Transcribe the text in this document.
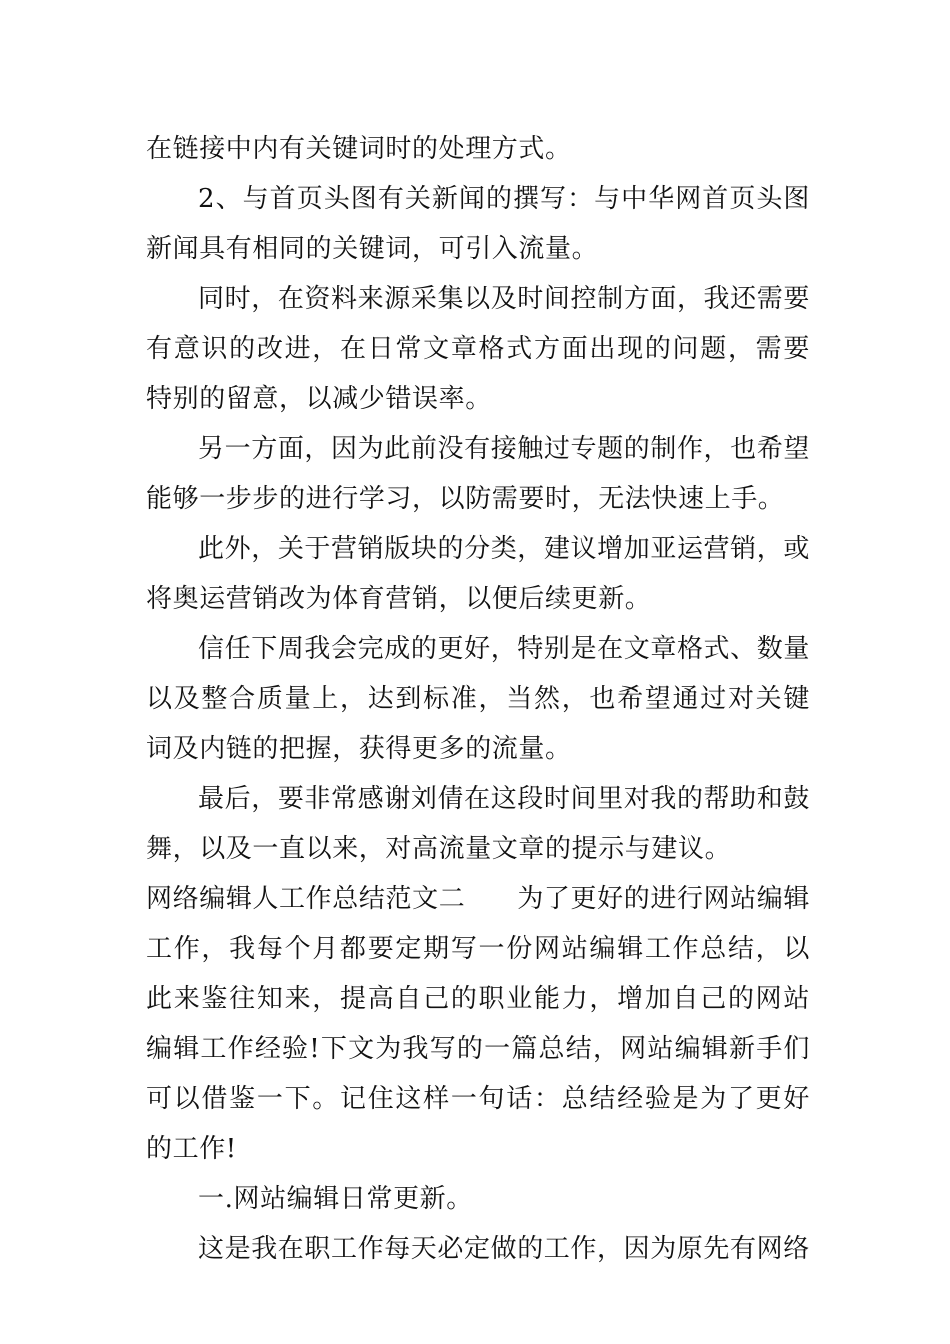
在链接中内有关键词时的处理方式。

2、与首页头图有关新闻的撰写：与中华网首页头图新闻具有相同的关键词，可引入流量。

同时，在资料来源采集以及时间控制方面，我还需要有意识的改进，在日常文章格式方面出现的问题，需要特别的留意，以减少错误率。

另一方面，因为此前没有接触过专题的制作，也希望能够一步步的进行学习，以防需要时，无法快速上手。

此外，关于营销版块的分类，建议增加亚运营销，或将奥运营销改为体育营销，以便后续更新。

信任下周我会完成的更好，特别是在文章格式、数量以及整合质量上，达到标准，当然，也希望通过对关键词及内链的把握，获得更多的流量。

最后，要非常感谢刘倩在这段时间里对我的帮助和鼓舞，以及一直以来，对高流量文章的提示与建议。

网络编辑人工作总结范文二 为了更好的进行网站编辑工作，我每个月都要定期写一份网站编辑工作总结，以此来鉴往知来，提高自己的职业能力，增加自己的网站编辑工作经验!下文为我写的一篇总结，网站编辑新手们可以借鉴一下。记住这样一句话：总结经验是为了更好的工作!

一.网站编辑日常更新。

这是我在职工作每天必定做的工作，因为原先有网络
